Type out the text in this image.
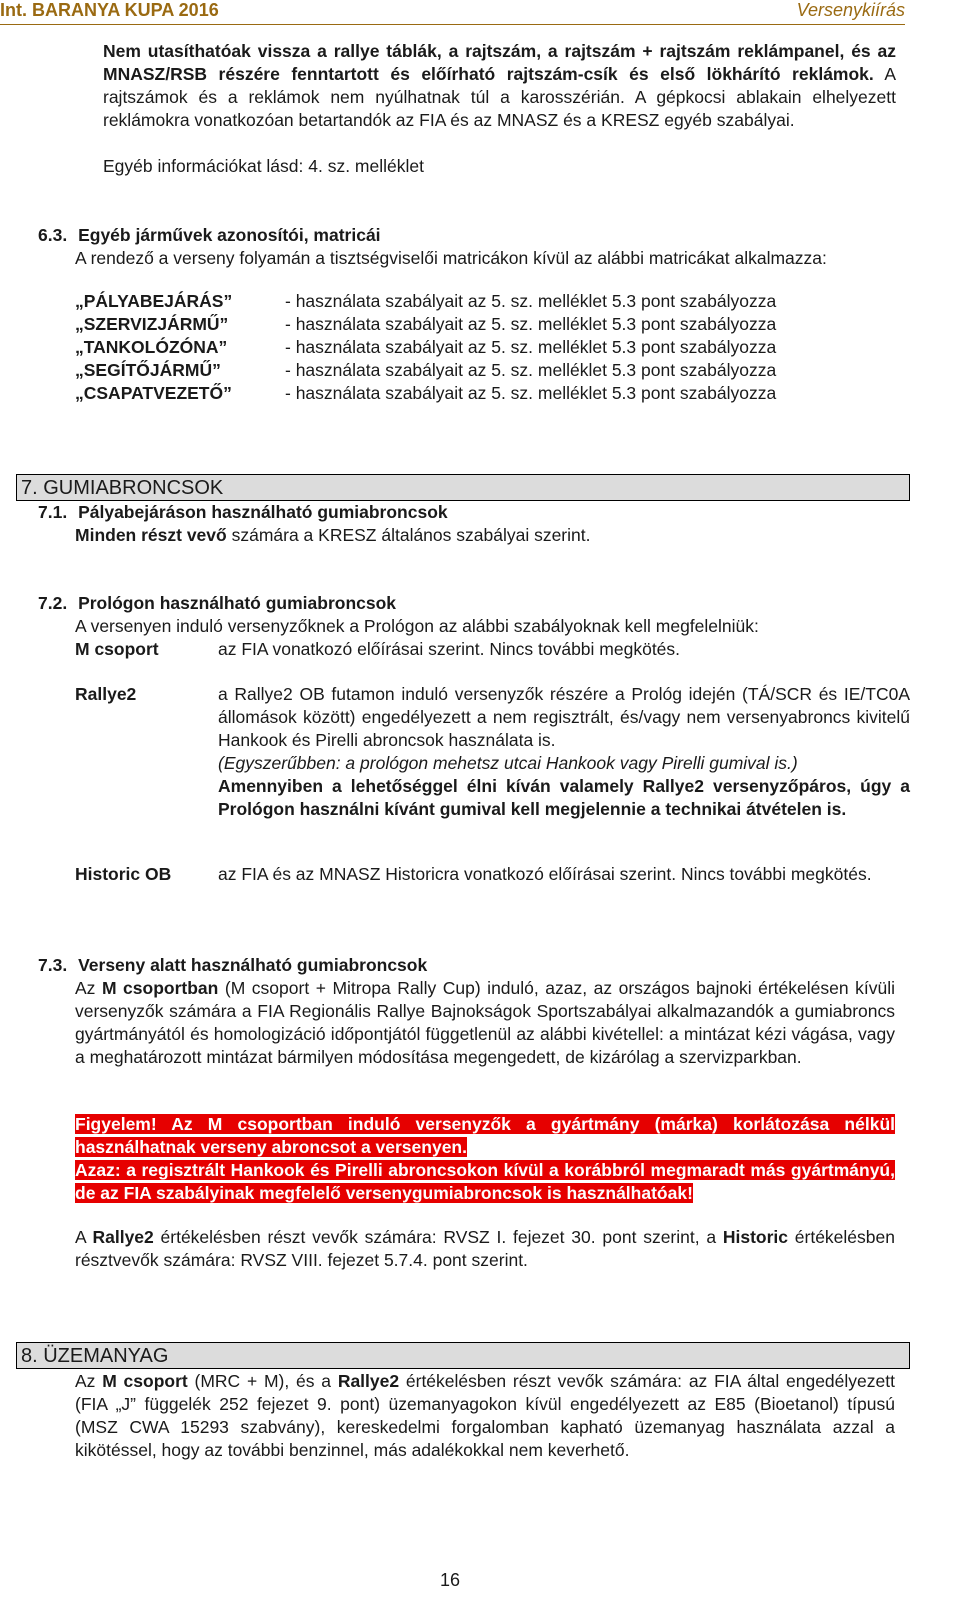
Int. BARANYA KUPA 2016	Versenykiírás
Nem utasíthatóak vissza a rallye táblák, a rajtszám, a rajtszám + rajtszám reklámpanel, és az MNASZ/RSB részére fenntartott és előírható rajtszám-csík és első lökhárító reklámok. A rajtszámok és a reklámok nem nyúlhatnak túl a karosszérián. A gépkocsi ablakain elhelyezett reklámokra vonatkozóan betartandók az FIA és az MNASZ és a KRESZ egyéb szabályai.
Egyéb információkat lásd: 4. sz. melléklet
6.3. Egyéb járművek azonosítói, matricái
A rendező a verseny folyamán a tisztségviselői matricákon kívül az alábbi matricákat alkalmazza:
„PÁLYABEJÁRÁS”	- használata szabályait az 5. sz. melléklet 5.3 pont szabályozza
„SZERVIZJÁRMŰ”	- használata szabályait az 5. sz. melléklet 5.3 pont szabályozza
„TANKOLÓZÓNA”	- használata szabályait az 5. sz. melléklet 5.3 pont szabályozza
„SEGÍTŐJÁRMŰ”	- használata szabályait az 5. sz. melléklet 5.3 pont szabályozza
„CSAPATVEZETŐ”	- használata szabályait az 5. sz. melléklet 5.3 pont szabályozza
7. GUMIABRONCSOK
7.1. Pályabejáráson használható gumiabroncsok
Minden részt vevő számára a KRESZ általános szabályai szerint.
7.2. Prológon használható gumiabroncsok
A versenyen induló versenyzőknek a Prológon az alábbi szabályoknak kell megfelelniük:
M csoport	az FIA vonatkozó előírásai szerint. Nincs további megkötés.
Rallye2	a Rallye2 OB futamon induló versenyzők részére a Prológ idején (TÁ/SCR és IE/TC0A állomások között) engedélyezett a nem regisztrált, és/vagy nem versenyabroncs kivitelű Hankook és Pirelli abroncsok használata is.
(Egyszerűbben: a prológon mehetsz utcai Hankook vagy Pirelli gumival is.)
Amennyiben a lehetőséggel élni kíván valamely Rallye2 versenyzőpáros, úgy a Prológon használni kívánt gumival kell megjelennie a technikai átvételen is.
Historic OB	az FIA és az MNASZ Historicra vonatkozó előírásai szerint. Nincs további megkötés.
7.3. Verseny alatt használható gumiabroncsok
Az M csoportban (M csoport + Mitropa Rally Cup) induló, azaz, az országos bajnoki értékelésen kívüli versenyzők számára a FIA Regionális Rallye Bajnokságok Sportszabályai alkalmazandók a gumiabroncs gyártmányától és homologizáció időpontjától függetlenül az alábbi kivétellel: a mintázat kézi vágása, vagy a meghatározott mintázat bármilyen módosítása megengedett, de kizárólag a szervizparkban.
Figyelem! Az M csoportban induló versenyzők a gyártmány (márka) korlátozása nélkül használhatnak verseny abroncsot a versenyen.
Azaz: a regisztrált Hankook és Pirelli abroncsokon kívül a korábbról megmaradt más gyártmányú, de az FIA szabályinak megfelelő versenygumiabroncsok is használhatóak!
A Rallye2 értékelésben részt vevők számára: RVSZ I. fejezet 30. pont szerint, a Historic értékelésben résztvevők számára: RVSZ VIII. fejezet 5.7.4. pont szerint.
8. ÜZEMANYAG
Az M csoport (MRC + M), és a Rallye2 értékelésben részt vevők számára: az FIA által engedélyezett (FIA „J” függelék 252 fejezet 9. pont) üzemanyagokon kívül engedélyezett az E85 (Bioetanol) típusú (MSZ CWA 15293 szabvány), kereskedelmi forgalomban kapható üzemanyag használata azzal a kikötéssel, hogy az további benzinnel, más adalékokkal nem keverhető.
16
